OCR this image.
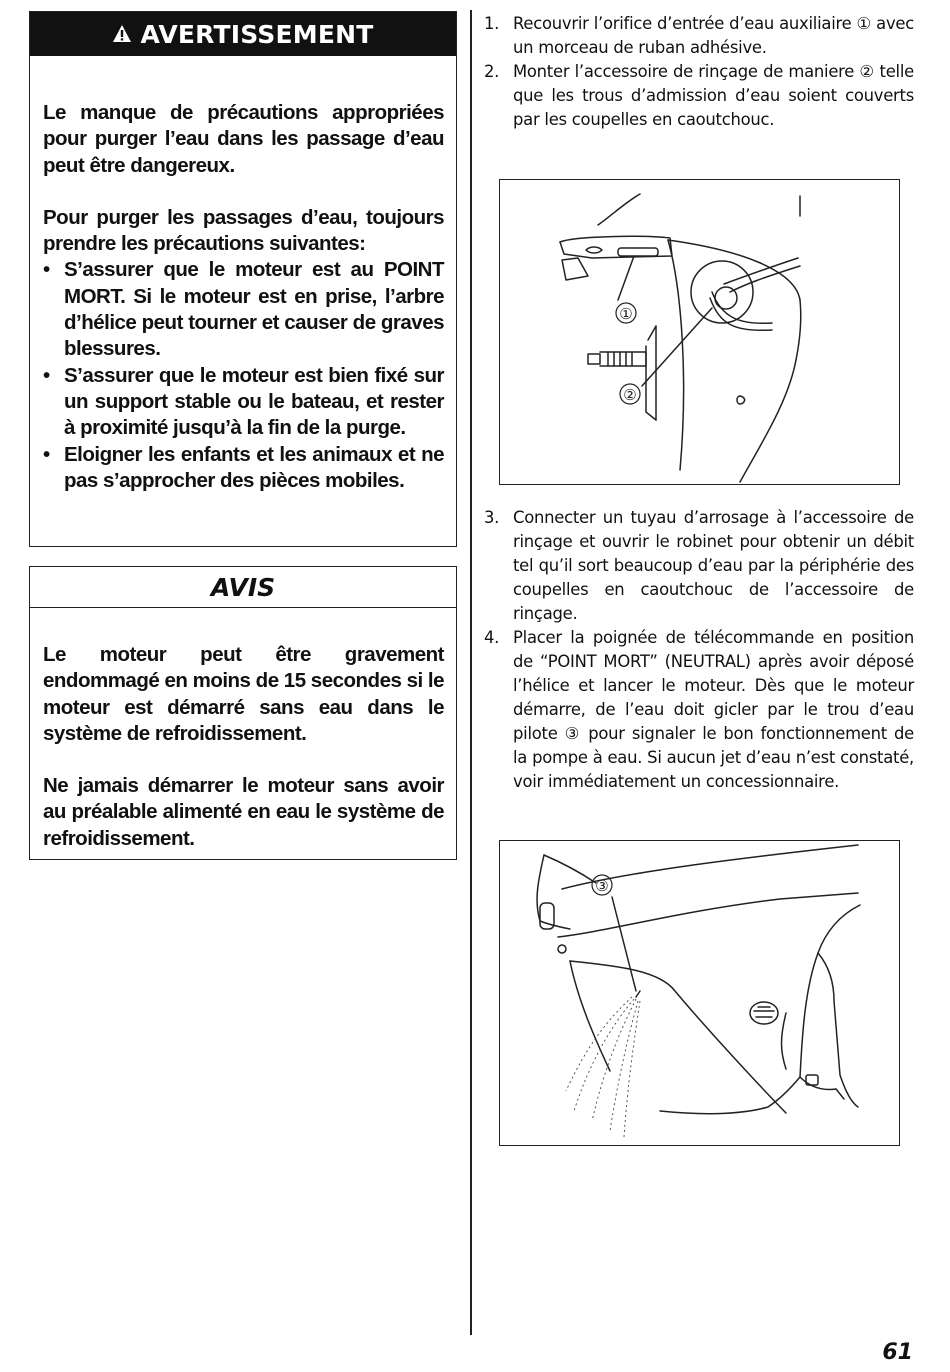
AVERTISSEMENT

Le manque de précautions appropriées pour purger l’eau dans les passage d’eau peut être dangereux.

Pour purger les passages d’eau, toujours prendre les précautions suivantes:

• S’assurer que le moteur est au POINT MORT. Si le moteur est en prise, l’arbre d’hélice peut tourner et causer de graves blessures.
• S’assurer que le moteur est bien fixé sur un support stable ou le bateau, et rester à proximité jusqu’à la fin de la purge.
• Eloigner les enfants et les animaux et ne pas s’approcher des pièces mobiles.
AVIS

Le moteur peut être gravement endommagé en moins de 15 secondes si le moteur est démarré sans eau dans le système de refroidissement.

Ne jamais démarrer le moteur sans avoir au préalable alimenté en eau le système de refroidissement.

1. Recouvrir l’orifice d’entrée d’eau auxiliaire ① avec un morceau de ruban adhésive.
2. Monter l’accessoire de rinçage de maniere ② telle que les trous d’admission d’eau soient couverts par les coupelles en caoutchouc.
①
②
3. Connecter un tuyau d’arrosage à l’accessoire de rinçage et ouvrir le robinet pour obtenir un débit tel qu’il sort beaucoup d’eau par la périphérie des coupelles en caoutchouc de l’accessoire de rinçage.
4. Placer la poignée de télécommande en position de “POINT MORT” (NEUTRAL) après avoir déposé l’hélice et lancer le moteur. Dès que le moteur démarre, de l’eau doit gicler par le trou d’eau pilote ③ pour signaler le bon fonctionnement de la pompe à eau. Si aucun jet d’eau n’est constaté, voir immédiatement un concessionnaire.
③
61
